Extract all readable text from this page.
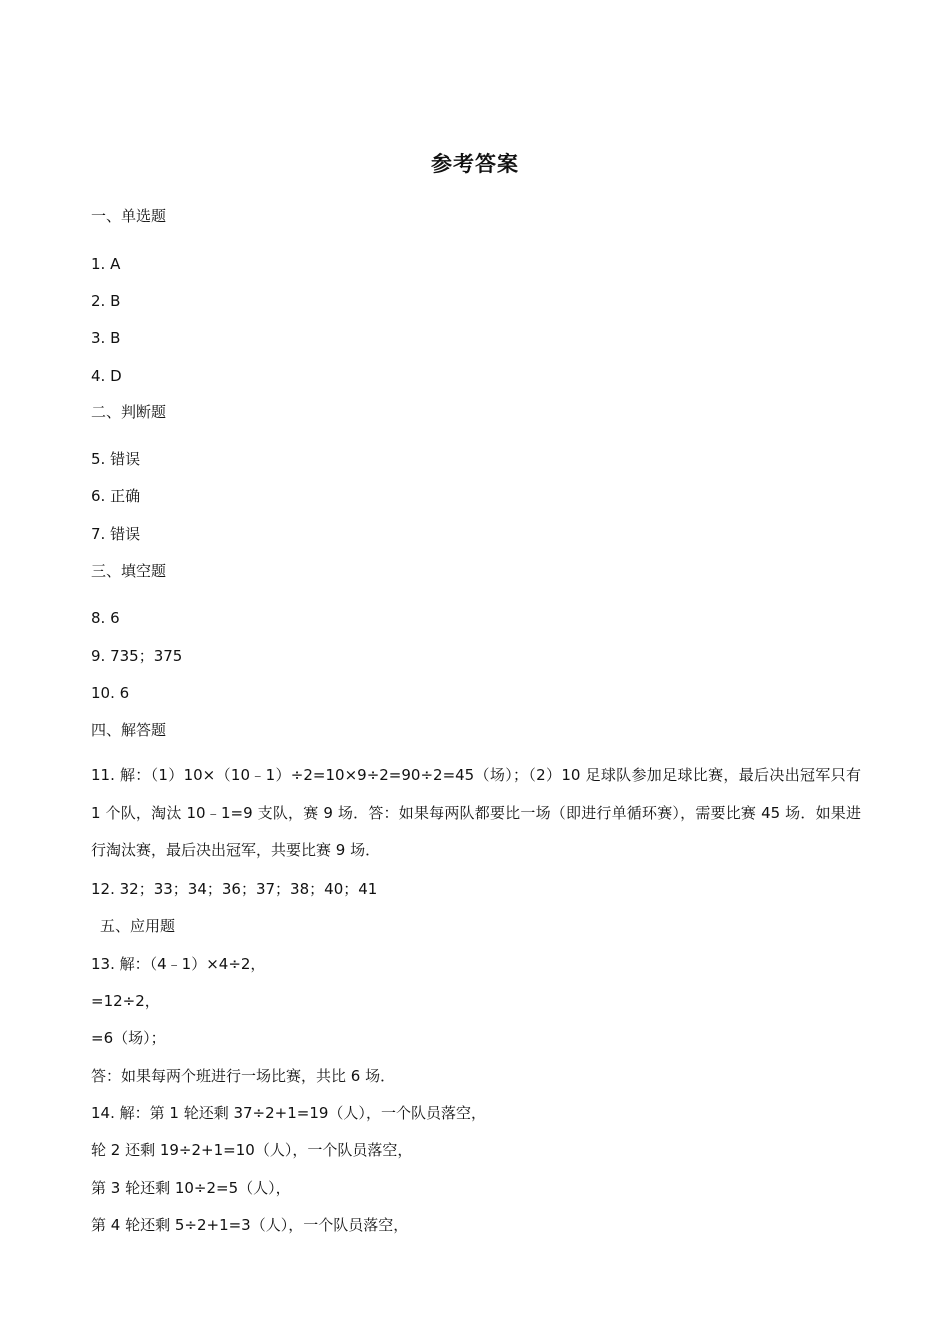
参考答案
一、单选题
1. A
2. B
3. B
4. D
二、判断题
5. 错误
6. 正确
7. 错误
三、填空题
8. 6
9. 735；375
10. 6
四、解答题
11. 解：（1）10×（10﹣1）÷2=10×9÷2=90÷2=45（场）；（2）10 足球队参加足球比赛，最后决出冠军只有 1 个队，淘汰 10﹣1=9 支队，赛 9 场．答：如果每两队都要比一场（即进行单循环赛），需要比赛 45 场．如果进行淘汰赛，最后决出冠军，共要比赛 9 场．
12. 32；33；34；36；37；38；40；41
五、应用题
13. 解：（4﹣1）×4÷2，
=12÷2，
=6（场）；
答：如果每两个班进行一场比赛，共比 6 场．
14. 解：第 1 轮还剩 37÷2+1=19（人），一个队员落空，
轮 2 还剩 19÷2+1=10（人），一个队员落空，
第 3 轮还剩 10÷2=5（人），
第 4 轮还剩 5÷2+1=3（人），一个队员落空，
